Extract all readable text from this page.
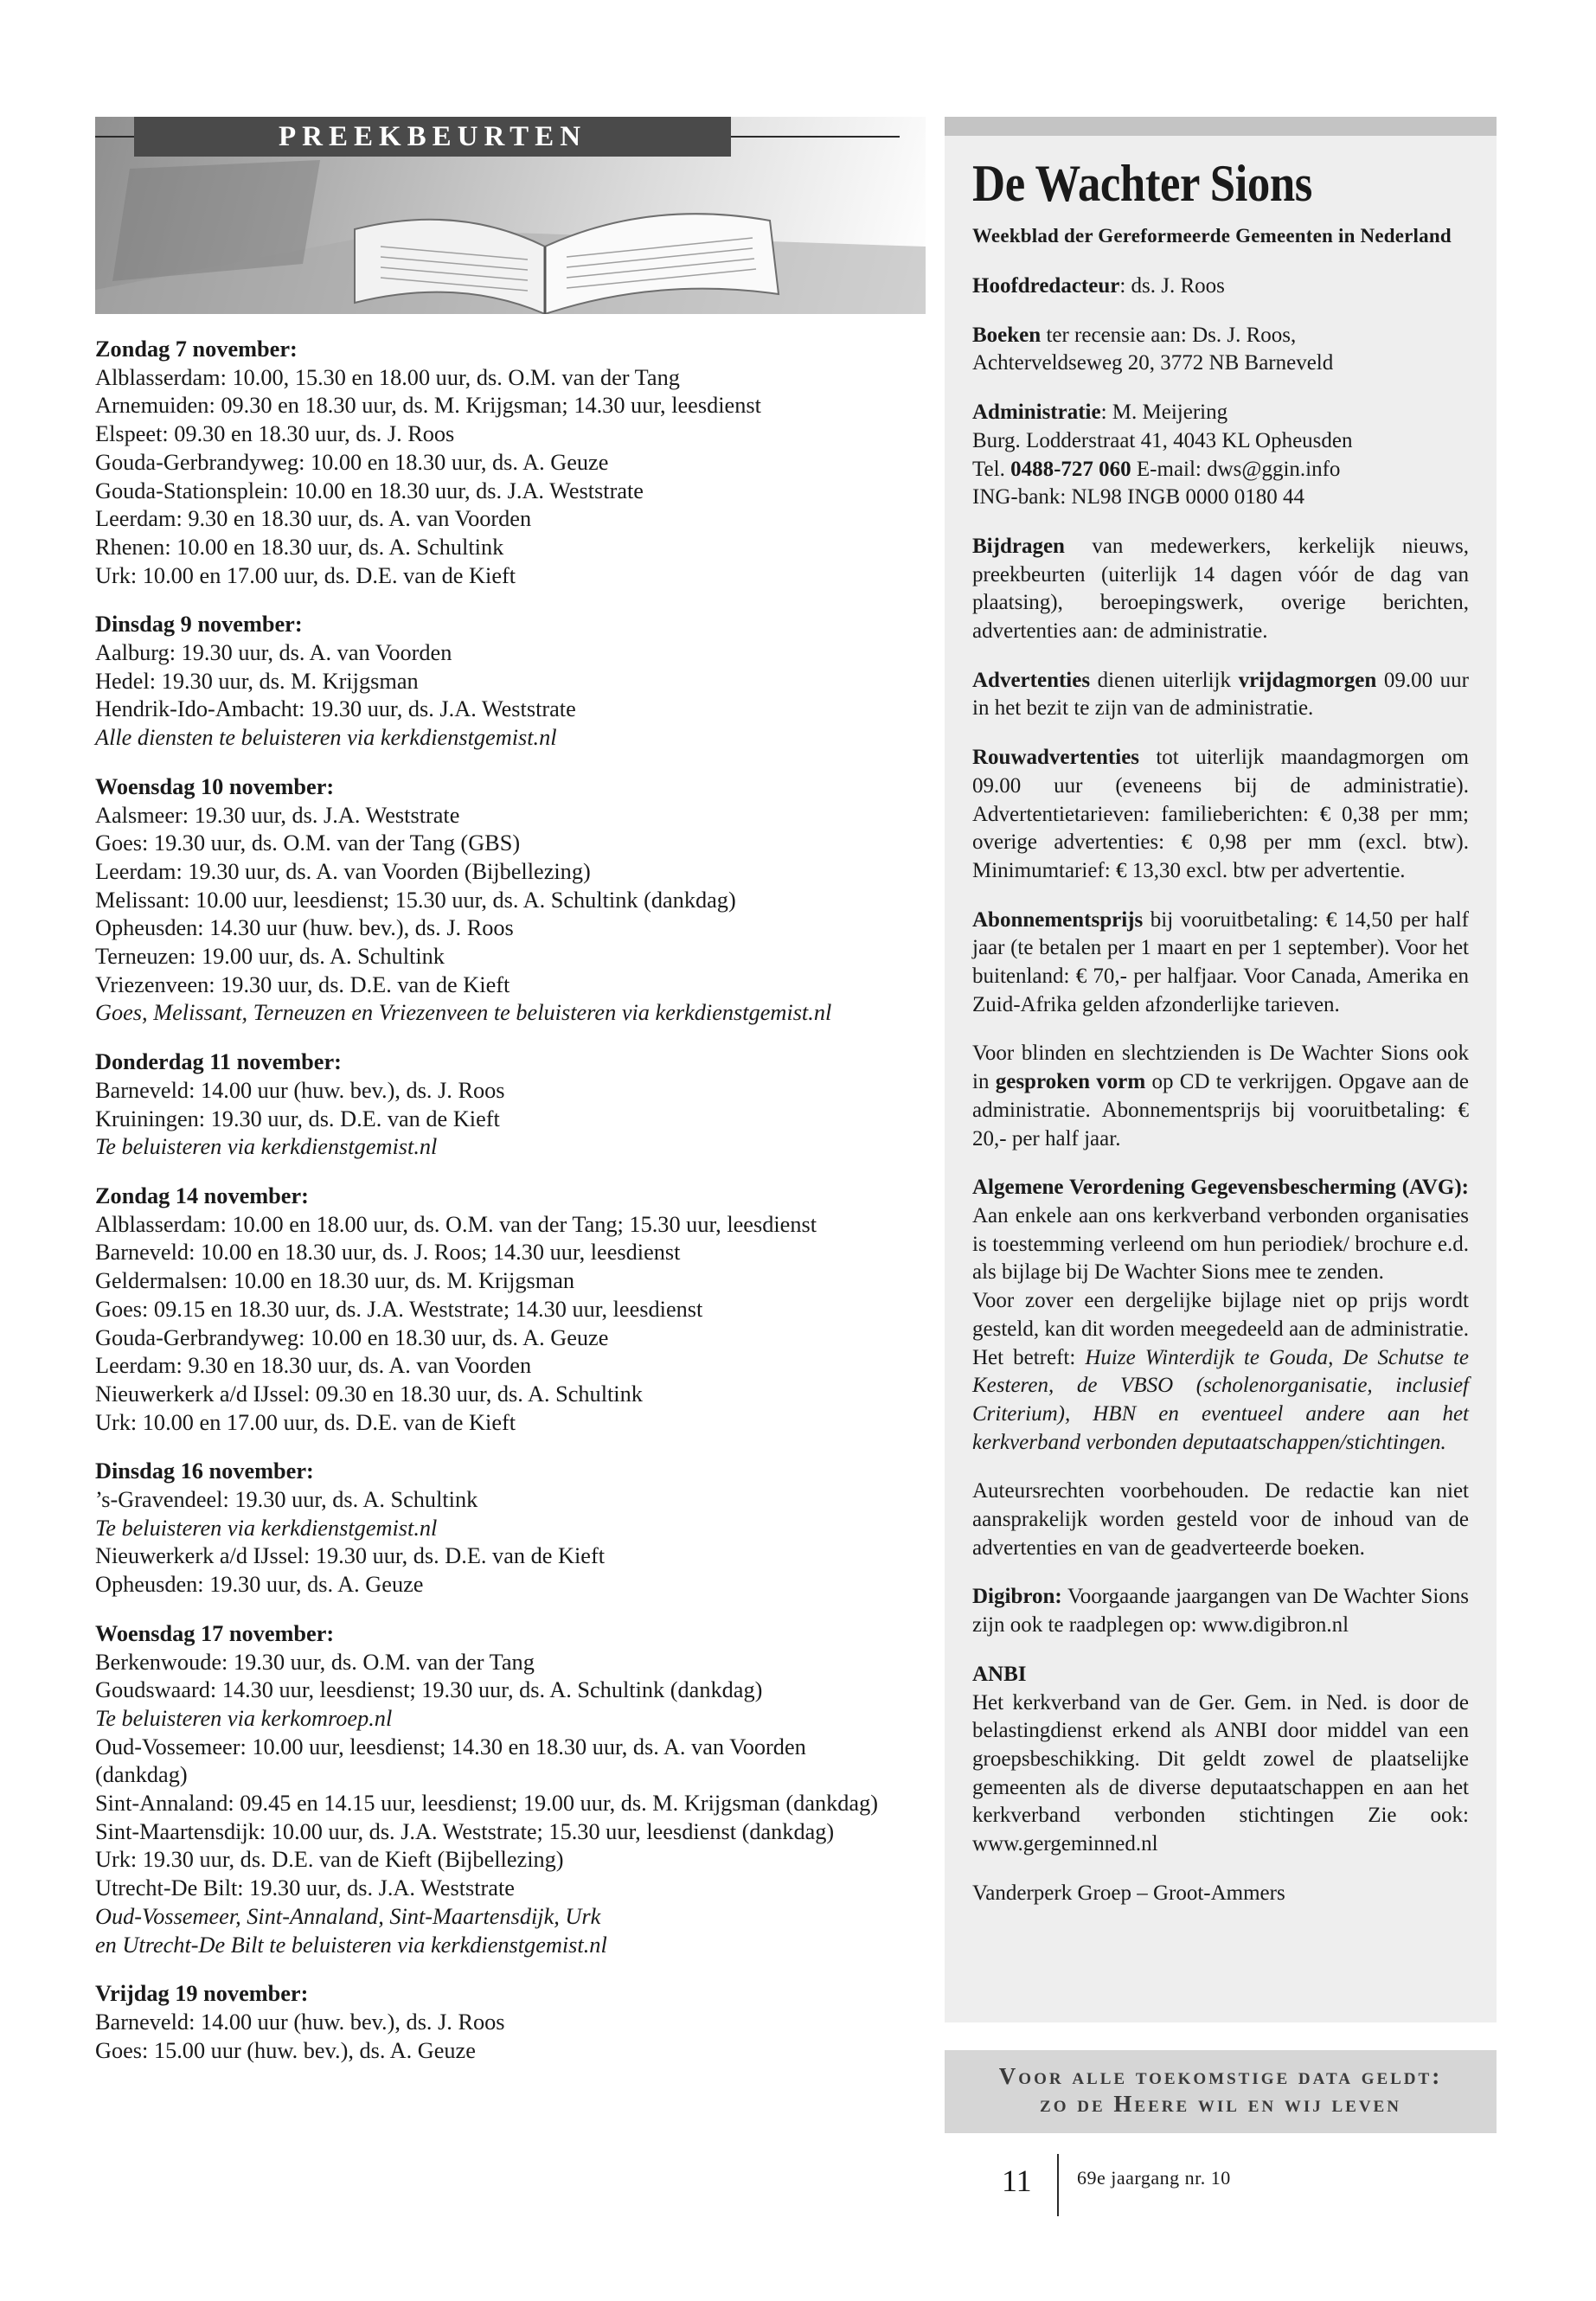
PREEKBEURTEN
Zondag 7 november:
Alblasserdam: 10.00, 15.30 en 18.00 uur, ds. O.M. van der Tang
Arnemuiden: 09.30 en 18.30 uur, ds. M. Krijgsman; 14.30 uur, leesdienst
Elspeet: 09.30 en 18.30 uur, ds. J. Roos
Gouda-Gerbrandyweg: 10.00 en 18.30 uur, ds. A. Geuze
Gouda-Stationsplein: 10.00 en 18.30 uur, ds. J.A. Weststrate
Leerdam: 9.30 en 18.30 uur, ds. A. van Voorden
Rhenen: 10.00 en 18.30 uur, ds. A. Schultink
Urk: 10.00 en 17.00 uur, ds. D.E. van de Kieft
Dinsdag 9 november:
Aalburg: 19.30 uur, ds. A. van Voorden
Hedel: 19.30 uur, ds. M. Krijgsman
Hendrik-Ido-Ambacht: 19.30 uur, ds. J.A. Weststrate
Alle diensten te beluisteren via kerkdienstgemist.nl
Woensdag 10 november:
Aalsmeer: 19.30 uur, ds. J.A. Weststrate
Goes: 19.30 uur, ds. O.M. van der Tang (GBS)
Leerdam: 19.30 uur, ds. A. van Voorden (Bijbellezing)
Melissant: 10.00 uur, leesdienst; 15.30 uur, ds. A. Schultink (dankdag)
Opheusden: 14.30 uur (huw. bev.), ds. J. Roos
Terneuzen: 19.00 uur, ds. A. Schultink
Vriezenveen: 19.30 uur, ds. D.E. van de Kieft
Goes, Melissant, Terneuzen en Vriezenveen te beluisteren via kerkdienstgemist.nl
Donderdag 11 november:
Barneveld: 14.00 uur (huw. bev.), ds. J. Roos
Kruiningen: 19.30 uur, ds. D.E. van de Kieft
Te beluisteren via kerkdienstgemist.nl
Zondag 14 november:
Alblasserdam: 10.00 en 18.00 uur, ds. O.M. van der Tang; 15.30 uur, leesdienst
Barneveld: 10.00 en 18.30 uur, ds. J. Roos; 14.30 uur, leesdienst
Geldermalsen: 10.00 en 18.30 uur, ds. M. Krijgsman
Goes: 09.15 en 18.30 uur, ds. J.A. Weststrate; 14.30 uur, leesdienst
Gouda-Gerbrandyweg: 10.00 en 18.30 uur, ds. A. Geuze
Leerdam: 9.30 en 18.30 uur, ds. A. van Voorden
Nieuwerkerk a/d IJssel: 09.30 en 18.30 uur, ds. A. Schultink
Urk: 10.00 en 17.00 uur, ds. D.E. van de Kieft
Dinsdag 16 november:
’s-Gravendeel: 19.30 uur, ds. A. Schultink
Te beluisteren via kerkdienstgemist.nl
Nieuwerkerk a/d IJssel: 19.30 uur, ds. D.E. van de Kieft
Opheusden: 19.30 uur, ds. A. Geuze
Woensdag 17 november:
Berkenwoude: 19.30 uur, ds. O.M. van der Tang
Goudswaard: 14.30 uur, leesdienst; 19.30 uur, ds. A. Schultink (dankdag)
Te beluisteren via kerkomroep.nl
Oud-Vossemeer: 10.00 uur, leesdienst; 14.30 en 18.30 uur, ds. A. van Voorden (dankdag)
Sint-Annaland: 09.45 en 14.15 uur, leesdienst; 19.00 uur, ds. M. Krijgsman (dankdag)
Sint-Maartensdijk: 10.00 uur, ds. J.A. Weststrate; 15.30 uur, leesdienst (dankdag)
Urk: 19.30 uur, ds. D.E. van de Kieft (Bijbellezing)
Utrecht-De Bilt: 19.30 uur, ds. J.A. Weststrate
Oud-Vossemeer, Sint-Annaland, Sint-Maartensdijk, Urk
en Utrecht-De Bilt te beluisteren via kerkdienstgemist.nl
Vrijdag 19 november:
Barneveld: 14.00 uur (huw. bev.), ds. J. Roos
Goes: 15.00 uur (huw. bev.), ds. A. Geuze
De Wachter Sions
Weekblad der Gereformeerde Gemeenten in Nederland
Hoofdredacteur: ds. J. Roos
Boeken ter recensie aan: Ds. J. Roos,
Achterveldseweg 20, 3772 NB Barneveld
Administratie: M. Meijering
Burg. Lodderstraat 41, 4043 KL Opheusden
Tel. 0488-727 060 E-mail: dws@ggin.info
ING-bank: NL98 INGB 0000 0180 44
Bijdragen van medewerkers, kerkelijk nieuws, preekbeurten (uiterlijk 14 dagen vóór de dag van plaatsing), beroepingswerk, overige berichten, advertenties aan: de administratie.
Advertenties dienen uiterlijk vrijdagmorgen 09.00 uur in het bezit te zijn van de administratie.
Rouwadvertenties tot uiterlijk maandagmorgen om 09.00 uur (eveneens bij de administratie). Advertentietarieven: familieberichten: € 0,38 per mm; overige advertenties: € 0,98 per mm (excl. btw). Minimumtarief: € 13,30 excl. btw per advertentie.
Abonnementsprijs bij vooruitbetaling: € 14,50 per half jaar (te betalen per 1 maart en per 1 september). Voor het buitenland: € 70,- per halfjaar. Voor Canada, Amerika en Zuid-Afrika gelden afzonderlijke tarieven.
Voor blinden en slechtzienden is De Wachter Sions ook in gesproken vorm op CD te verkrijgen. Opgave aan de administratie. Abonnementsprijs bij vooruitbetaling: € 20,- per half jaar.
Algemene Verordening Gegevensbescherming (AVG): Aan enkele aan ons kerkverband verbonden organisaties is toestemming verleend om hun periodiek/ brochure e.d. als bijlage bij De Wachter Sions mee te zenden.
Voor zover een dergelijke bijlage niet op prijs wordt gesteld, kan dit worden meegedeeld aan de administratie. Het betreft: Huize Winterdijk te Gouda, De Schutse te Kesteren, de VBSO (scholenorganisatie, inclusief Criterium), HBN en eventueel andere aan het kerkverband verbonden deputaatschappen/stichtingen.
Auteursrechten voorbehouden. De redactie kan niet aansprakelijk worden gesteld voor de inhoud van de advertenties en van de geadverteerde boeken.
Digibron: Voorgaande jaargangen van De Wachter Sions zijn ook te raadplegen op: www.digibron.nl
ANBI
Het kerkverband van de Ger. Gem. in Ned. is door de belastingdienst erkend als ANBI door middel van een groepsbeschikking. Dit geldt zowel de plaatselijke gemeenten als de diverse deputaatschappen en aan het kerkverband verbonden stichtingen Zie ook: www.gergeminned.nl
Vanderperk Groep – Groot-Ammers
Voor alle toekomstige data geldt:
zo de Heere wil en wij leven
11 69e jaargang nr. 10
